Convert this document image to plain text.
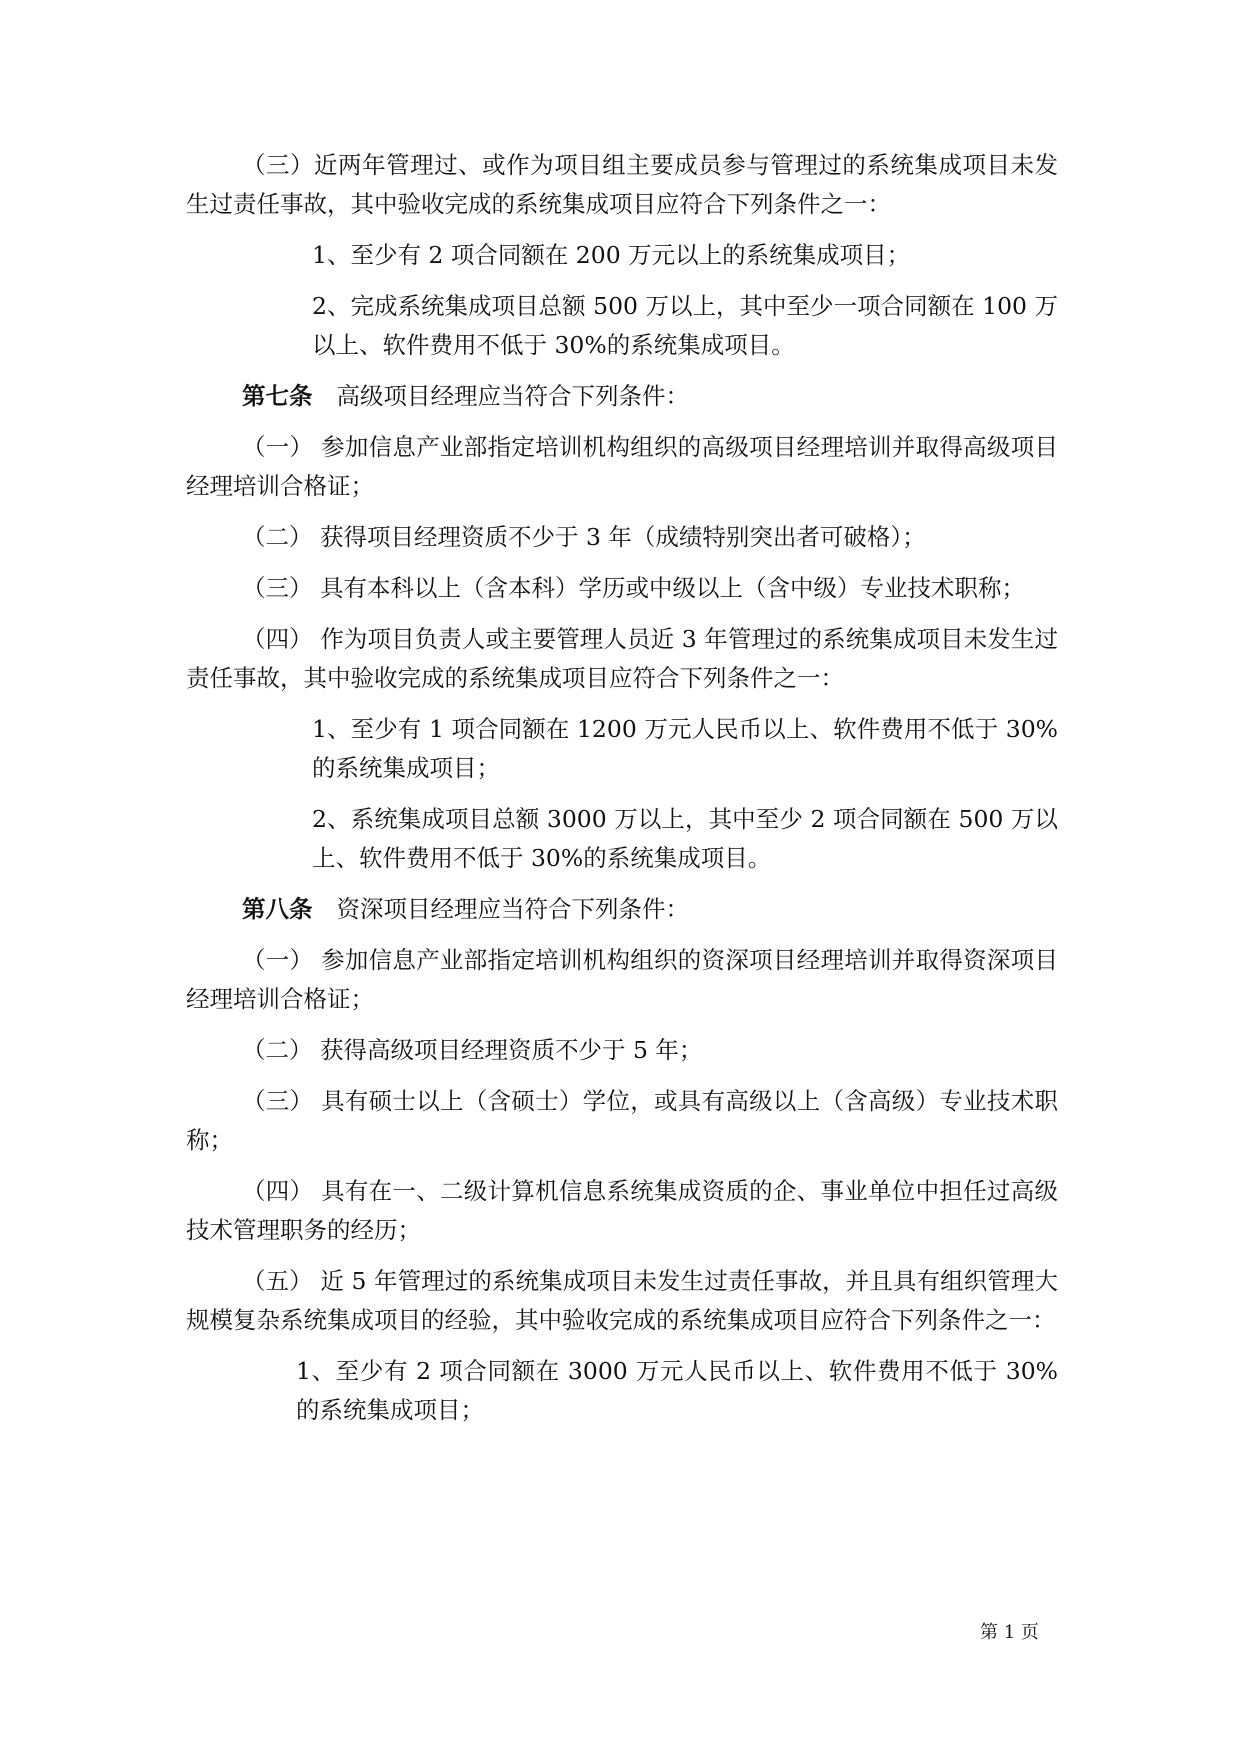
（三）近两年管理过、或作为项目组主要成员参与管理过的系统集成项目未发生过责任事故，其中验收完成的系统集成项目应符合下列条件之一：

1、至少有 2 项合同额在 200 万元以上的系统集成项目；

2、完成系统集成项目总额 500 万以上，其中至少一项合同额在 100 万以上、软件费用不低于 30%的系统集成项目。

第七条 高级项目经理应当符合下列条件：

（一） 参加信息产业部指定培训机构组织的高级项目经理培训并取得高级项目经理培训合格证；

（二） 获得项目经理资质不少于 3 年（成绩特别突出者可破格）；

（三） 具有本科以上（含本科）学历或中级以上（含中级）专业技术职称；

（四） 作为项目负责人或主要管理人员近 3 年管理过的系统集成项目未发生过责任事故，其中验收完成的系统集成项目应符合下列条件之一：

1、至少有 1 项合同额在 1200 万元人民币以上、软件费用不低于 30%的系统集成项目；

2、系统集成项目总额 3000 万以上，其中至少 2 项合同额在 500 万以上、软件费用不低于 30%的系统集成项目。

第八条 资深项目经理应当符合下列条件：

（一） 参加信息产业部指定培训机构组织的资深项目经理培训并取得资深项目经理培训合格证；

（二） 获得高级项目经理资质不少于 5 年；

（三） 具有硕士以上（含硕士）学位，或具有高级以上（含高级）专业技术职称；

（四） 具有在一、二级计算机信息系统集成资质的企、事业单位中担任过高级技术管理职务的经历；

（五） 近 5 年管理过的系统集成项目未发生过责任事故，并且具有组织管理大规模复杂系统集成项目的经验，其中验收完成的系统集成项目应符合下列条件之一：

1、至少有 2 项合同额在 3000 万元人民币以上、软件费用不低于 30%的系统集成项目；

第 1 页
